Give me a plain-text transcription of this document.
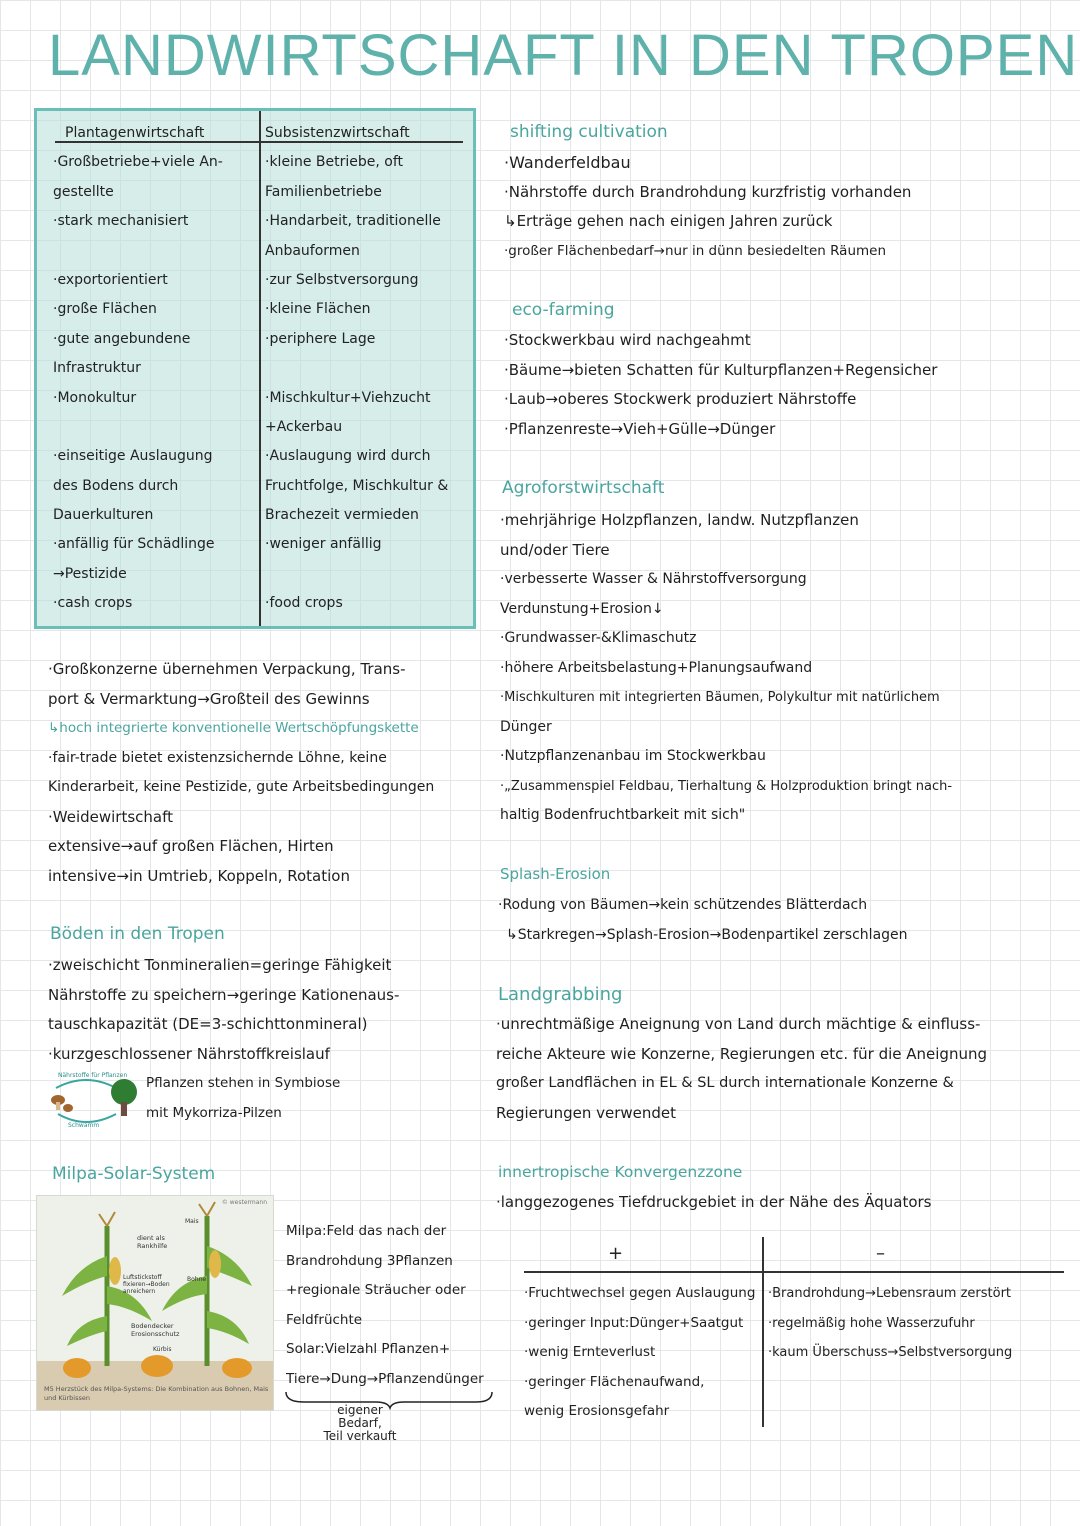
LANDWIRTSCHAFT IN DEN TROPEN
Plantagenwirtschaft
·Großbetriebe+viele An-
gestellte
·stark mechanisiert
·exportorientiert
·große Flächen
·gute angebundene
Infrastruktur
·Monokultur
·einseitige Auslaugung
des Bodens durch
Dauerkulturen
·anfällig für Schädlinge
→Pestizide
·cash crops
Subsistenzwirtschaft
·kleine Betriebe, oft
Familienbetriebe
·Handarbeit, traditionelle
Anbauformen
·zur Selbstversorgung
·kleine Flächen
·periphere Lage
·Mischkultur+Viehzucht
+Ackerbau
·Auslaugung wird durch
Fruchtfolge, Mischkultur &
Brachezeit vermieden
·weniger anfällig
·food crops
·Großkonzerne übernehmen Verpackung, Trans-
port & Vermarktung→Großteil des Gewinns
↳hoch integrierte konventionelle Wertschöpfungskette
·fair-trade bietet existenzsichernde Löhne, keine
Kinderarbeit, keine Pestizide, gute Arbeitsbedingungen
·Weidewirtschaft
extensive→auf großen Flächen, Hirten
intensive→in Umtrieb, Koppeln, Rotation
Böden in den Tropen
·zweischicht Tonmineralien=geringe Fähigkeit
Nährstoffe zu speichern→geringe Kationenaus-
tauschkapazität (DE=3-schichttonmineral)
·kurzgeschlossener Nährstoffkreislauf
Nährstoffe für Pflanzen
Schwamm
Pflanzen stehen in Symbiose
mit Mykorriza-Pilzen
Milpa-Solar-System
© westermann
Mais
dient als Rankhilfe
Luftstickstoff fixieren→Boden anreichern
Bohne
Bodendecker Erosionsschutz
Kürbis
M5 Herzstück des Milpa-Systems: Die Kombination aus Bohnen, Mais und Kürbissen
Milpa:Feld das nach der
Brandrohdung 3Pflanzen
+regionale Sträucher oder
Feldfrüchte
Solar:Vielzahl Pflanzen+
Tiere→Dung→Pflanzendünger
eigener
Bedarf,
Teil verkauft
shifting cultivation
·Wanderfeldbau
·Nährstoffe durch Brandrohdung kurzfristig vorhanden
↳Erträge gehen nach einigen Jahren zurück
·großer Flächenbedarf→nur in dünn besiedelten Räumen
eco-farming
·Stockwerkbau wird nachgeahmt
·Bäume→bieten Schatten für Kulturpflanzen+Regensicher
·Laub→oberes Stockwerk produziert Nährstoffe
·Pflanzenreste→Vieh+Gülle→Dünger
Agroforstwirtschaft
·mehrjährige Holzpflanzen, landw. Nutzpflanzen
und/oder Tiere
·verbesserte Wasser & Nährstoffversorgung
Verdunstung+Erosion↓
·Grundwasser-&Klimaschutz
·höhere Arbeitsbelastung+Planungsaufwand
·Mischkulturen mit integrierten Bäumen, Polykultur mit natürlichem
Dünger
·Nutzpflanzenanbau im Stockwerkbau
·„Zusammenspiel Feldbau, Tierhaltung & Holzproduktion bringt nach-
haltig Bodenfruchtbarkeit mit sich"
Splash-Erosion
·Rodung von Bäumen→kein schützendes Blätterdach
↳Starkregen→Splash-Erosion→Bodenpartikel zerschlagen
Landgrabbing
·unrechtmäßige Aneignung von Land durch mächtige & einfluss-
reiche Akteure wie Konzerne, Regierungen etc. für die Aneignung
großer Landflächen in EL & SL durch internationale Konzerne &
Regierungen verwendet
innertropische Konvergenzzone
·langgezogenes Tiefdruckgebiet in der Nähe des Äquators
+	–
·Fruchtwechsel gegen Auslaugung
·geringer Input:Dünger+Saatgut
·wenig Ernteverlust
·geringer Flächenaufwand,
wenig Erosionsgefahr
·Brandrohdung→Lebensraum zerstört
·regelmäßig hohe Wasserzufuhr
·kaum Überschuss→Selbstversorgung
